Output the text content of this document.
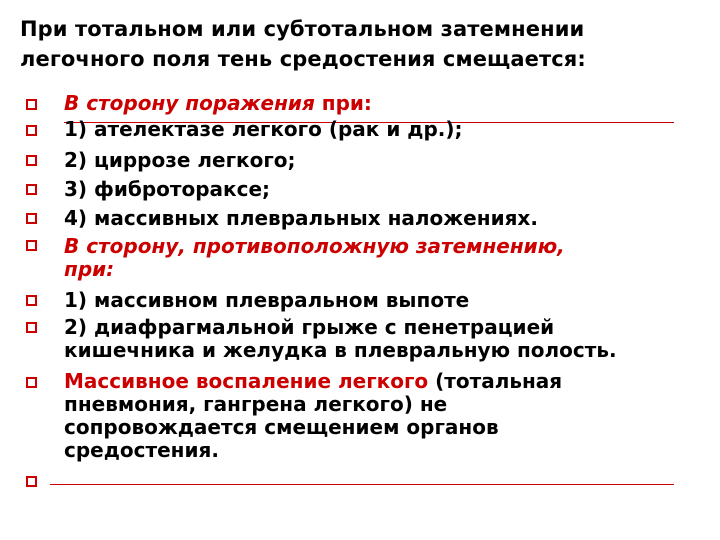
При тотальном или субтотальном затемнении
легочного поля тень средостения смещается:
В сторону поражения при:
1) ателектазе легкого (рак и др.);
2) циррозе легкого;
3) фибротораксе;
4) массивных плевральных наложениях.
В сторону, противоположную затемнению,
при:
1) массивном плевральном выпоте
2) диафрагмальной грыже с пенетрацией
кишечника и желудка в плевральную полость.
Массивное воспаление легкого (тотальная
пневмония, гангрена легкого) не
сопровождается смещением органов
средостения.
